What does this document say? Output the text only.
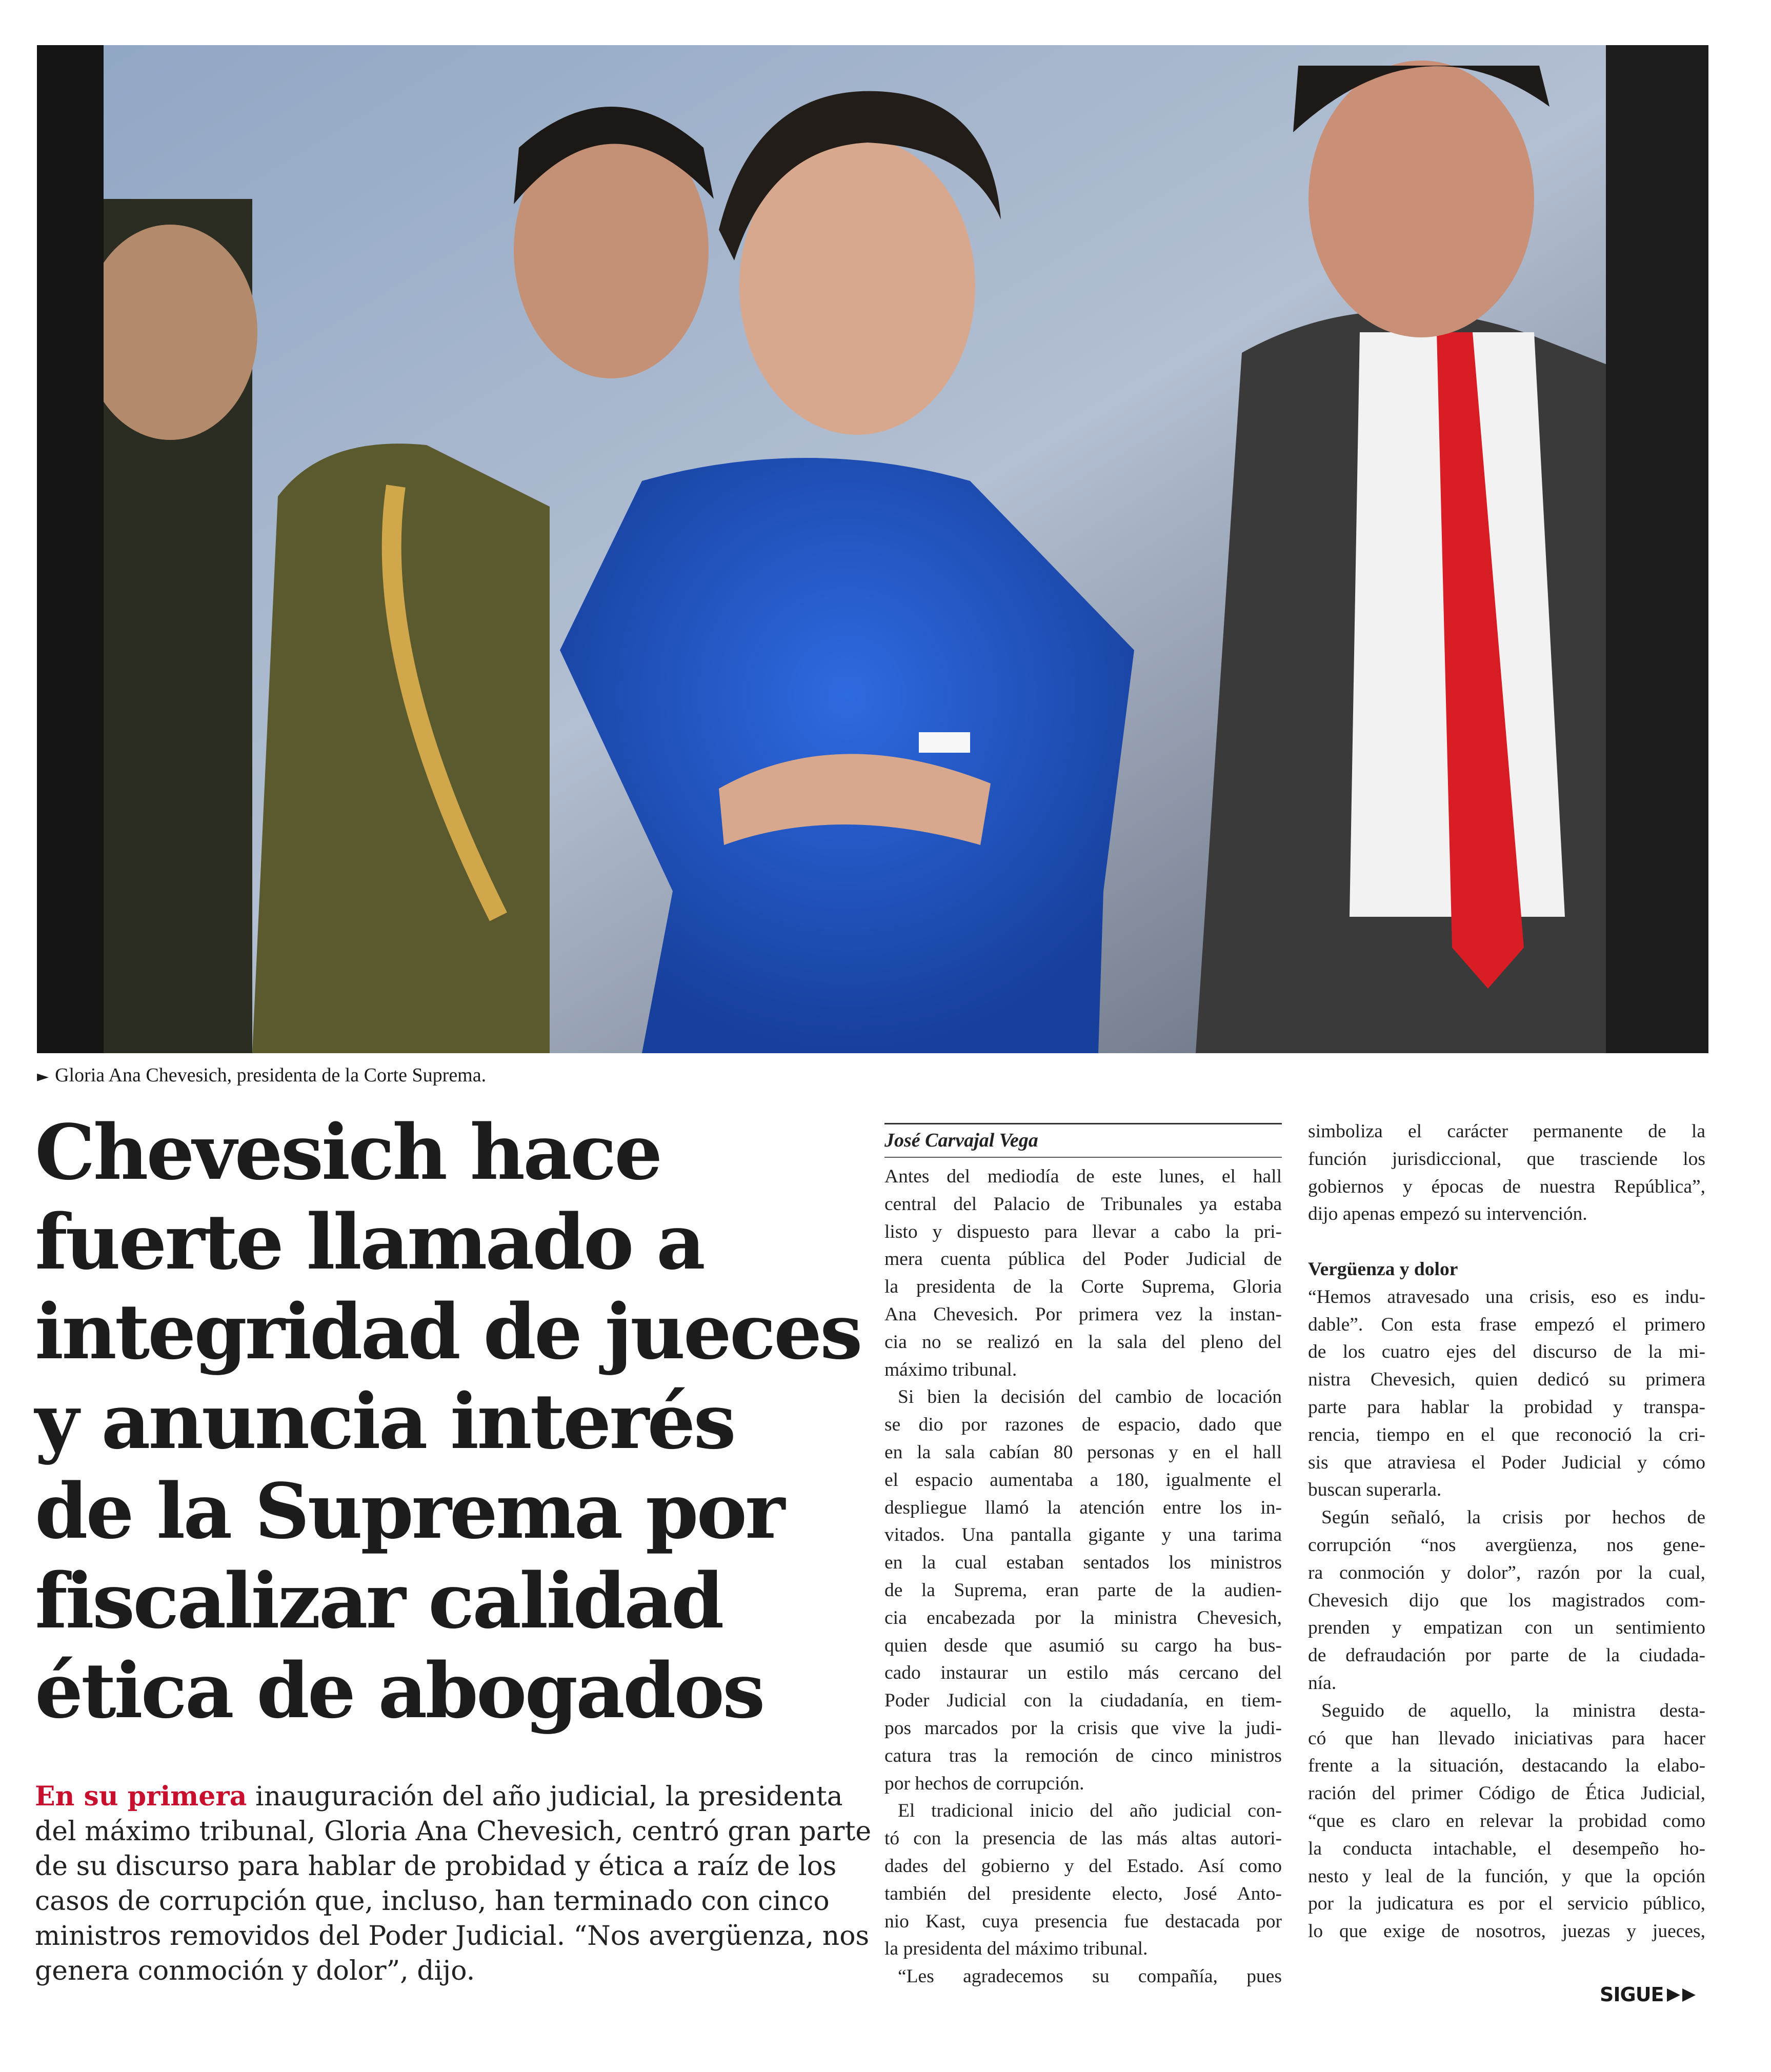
► Gloria Ana Chevesich, presidenta de la Corte Suprema.
Chevesich hace
fuerte llamado a
integridad de jueces
y anuncia interés
de la Suprema por
fiscalizar calidad
ética de abogados
En su primera inauguración del año judicial, la presidenta
del máximo tribunal, Gloria Ana Chevesich, centró gran parte
de su discurso para hablar de probidad y ética a raíz de los
casos de corrupción que, incluso, han terminado con cinco
ministros removidos del Poder Judicial. “Nos avergüenza, nos
genera conmoción y dolor”, dijo.
José Carvajal Vega
Antes del mediodía de este lunes, el hall
central del Palacio de Tribunales ya estaba
listo y dispuesto para llevar a cabo la pri-
mera cuenta pública del Poder Judicial de
la presidenta de la Corte Suprema, Gloria
Ana Chevesich. Por primera vez la instan-
cia no se realizó en la sala del pleno del
máximo tribunal.
Si bien la decisión del cambio de locación
se dio por razones de espacio, dado que
en la sala cabían 80 personas y en el hall
el espacio aumentaba a 180, igualmente el
despliegue llamó la atención entre los in-
vitados. Una pantalla gigante y una tarima
en la cual estaban sentados los ministros
de la Suprema, eran parte de la audien-
cia encabezada por la ministra Chevesich,
quien desde que asumió su cargo ha bus-
cado instaurar un estilo más cercano del
Poder Judicial con la ciudadanía, en tiem-
pos marcados por la crisis que vive la judi-
catura tras la remoción de cinco ministros
por hechos de corrupción.
El tradicional inicio del año judicial con-
tó con la presencia de las más altas autori-
dades del gobierno y del Estado. Así como
también del presidente electo, José Anto-
nio Kast, cuya presencia fue destacada por
la presidenta del máximo tribunal.
“Les agradecemos su compañía, pues
simboliza el carácter permanente de la
función jurisdiccional, que trasciende los
gobiernos y épocas de nuestra República”,
dijo apenas empezó su intervención.
Vergüenza y dolor
“Hemos atravesado una crisis, eso es indu-
dable”. Con esta frase empezó el primero
de los cuatro ejes del discurso de la mi-
nistra Chevesich, quien dedicó su primera
parte para hablar la probidad y transpa-
rencia, tiempo en el que reconoció la cri-
sis que atraviesa el Poder Judicial y cómo
buscan superarla.
Según señaló, la crisis por hechos de
corrupción “nos avergüenza, nos gene-
ra conmoción y dolor”, razón por la cual,
Chevesich dijo que los magistrados com-
prenden y empatizan con un sentimiento
de defraudación por parte de la ciudada-
nía.
Seguido de aquello, la ministra desta-
có que han llevado iniciativas para hacer
frente a la situación, destacando la elabo-
ración del primer Código de Ética Judicial,
“que es claro en relevar la probidad como
la conducta intachable, el desempeño ho-
nesto y leal de la función, y que la opción
por la judicatura es por el servicio público,
lo que exige de nosotros, juezas y jueces,
SIGUE
